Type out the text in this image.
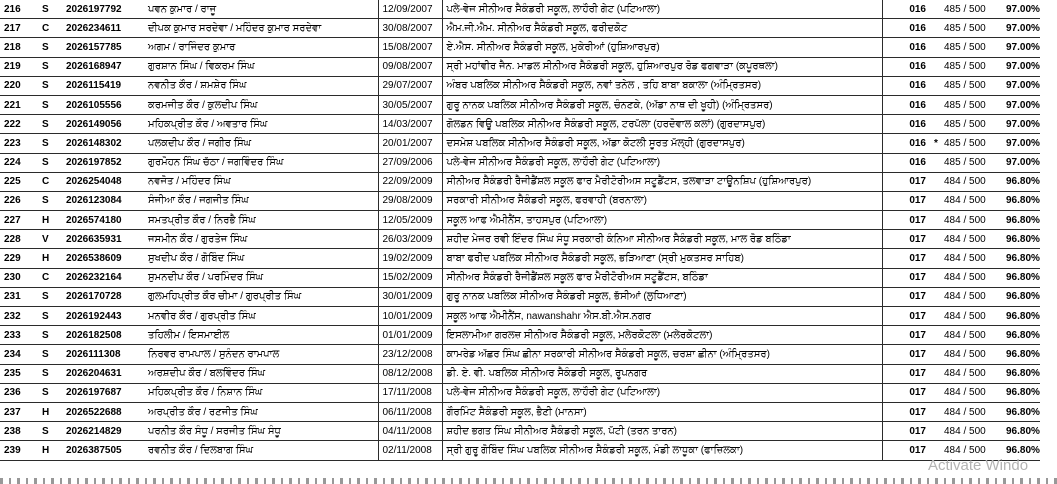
216	S	2026197792	ਪਵਨ ਕੁਮਾਰ / ਰਾਜੂ	12/09/2007	ਪਲੇ-ਵੇਜ ਸੀਨੀਅਰ ਸੈਕੰਡਰੀ ਸਕੂਲ, ਲਾਹੌਰੀ ਗੇਟ (ਪਟਿਆਲਾ)	016		485 / 500	97.00%
217	C	2026234611	ਦੀਪਕ ਕੁਮਾਰ ਸਰਦੇਵਾ / ਮਹਿੰਦਰ ਕੁਮਾਰ ਸਰਦੇਵਾ	30/08/2007	ਐਮ.ਜੀ.ਐਮ. ਸੀਨੀਅਰ ਸੈਕੰਡਰੀ ਸਕੂਲ, ਫਰੀਦਕੋਟ	016		485 / 500	97.00%
218	S	2026157785	ਅਗਮ / ਰਾਜਿੰਦਰ ਕੁਮਾਰ	15/08/2007	ਏ.ਐਸ. ਸੀਨੀਅਰ ਸੈਕੰਡਰੀ ਸਕੂਲ, ਮੁਕੇਰੀਆਂ (ਹੁਸ਼ਿਆਰਪੁਰ)	016		485 / 500	97.00%
219	S	2026168947	ਗੁਰਸ਼ਾਨ ਸਿੰਘ / ਵਿਕਰਮ ਸਿੰਘ	09/08/2007	ਸ੍ਰੀ ਮਹਾਂਵੀਰ ਜੈਨ. ਮਾਡਲ ਸੀਨੀਅਰ ਸੈਕੰਡਰੀ ਸਕੂਲ, ਹੁਸ਼ਿਆਰਪੁਰ ਰੋਡ ਫਗਵਾੜਾ (ਕਪੂਰਥਲਾ)	016		485 / 500	97.00%
220	S	2026115419	ਨਵਨੀਤ ਕੌਰ / ਸ਼ਮਸ਼ੇਰ ਸਿੰਘ	29/07/2007	ਅੰਬਰ ਪਬਲਿਕ ਸੀਨੀਅਰ ਸੈਕੰਡਰੀ ਸਕੂਲ, ਨਵਾਂ ਤਨੇਲ , ਤਹਿ ਬਾਬਾ ਬਕਾਲਾ (ਅੰਮ੍ਰਿਤਸਰ)	016		485 / 500	97.00%
221	S	2026105556	ਕਰਮਜੀਤ ਕੌਰ / ਕੁਲਦੀਪ ਸਿੰਘ	30/05/2007	ਗੁਰੂ ਨਾਨਕ ਪਬਲਿਕ ਸੀਨੀਅਰ ਸੈਕੰਡਰੀ ਸਕੂਲ, ਚੰਨਣਕੇ, (ਅੱਡਾ ਨਾਥ ਦੀ ਖੂਹੀ) (ਅੰਮ੍ਰਿਤਸਰ)	016		485 / 500	97.00%
222	S	2026149056	ਮਹਿਕਪ੍ਰੀਤ ਕੌਰ / ਅਵਤਾਰ ਸਿੰਘ	14/03/2007	ਗੋਲਡਨ ਵਿਊ ਪਬਲਿਕ ਸੀਨੀਅਰ ਸੈਕੰਡਰੀ ਸਕੂਲ, ਟਰਪੱਲਾ (ਹਰਦੋਵਾਲ ਕਲਾਂ) (ਗੁਰਦਾਸਪੁਰ)	016		485 / 500	97.00%
223	S	2026148302	ਪਲਕਦੀਪ ਕੌਰ / ਜਗੀਰ ਸਿੰਘ	20/01/2007	ਦਸਮੇਸ਼ ਪਬਲਿਕ ਸੀਨੀਅਰ ਸੈਕੰਡਰੀ ਸਕੂਲ, ਅੱਡਾ ਕੋਟਲੀ ਸੂਰਤ ਮੱਲ੍ਹੀ (ਗੁਰਦਾਸਪੁਰ)	016	*	485 / 500	97.00%
224	S	2026197852	ਗੁਰਮੋਹਨ ਸਿੰਘ ਚੱਠਾ / ਜਗਵਿੰਦਰ ਸਿੰਘ	27/09/2006	ਪਲੇ-ਵੇਜ ਸੀਨੀਅਰ ਸੈਕੰਡਰੀ ਸਕੂਲ, ਲਾਹੌਰੀ ਗੇਟ (ਪਟਿਆਲਾ)	016		485 / 500	97.00%
225	C	2026254048	ਨਵਜੋਤ / ਮਹਿੰਦਰ ਸਿੰਘ	22/09/2009	ਸੀਨੀਅਰ ਸੈਕੰਡਰੀ ਰੈਜੀਡੈਂਸ਼ਲ ਸਕੂਲ ਫਾਰ ਮੈਰੀਟੋਰੀਅਸ ਸਟੂਡੈਂਟਸ, ਤਲਵਾੜਾ ਟਾਊਨਸ਼ਿਪ (ਹੁਸ਼ਿਆਰਪੁਰ)	017		484 / 500	96.80%
226	S	2026123084	ਸੰਜੀਆ ਕੌਰ / ਜਗਜੀਤ ਸਿੰਘ	29/08/2009	ਸਰਕਾਰੀ ਸੀਨੀਅਰ ਸੈਕੰਡਰੀ ਸਕੂਲ, ਫਰਵਾਹੀ (ਬਰਨਾਲਾ)	017		484 / 500	96.80%
227	H	2026574180	ਸਮਤਪ੍ਰੀਤ ਕੌਰ / ਨਿਰਭੈ ਸਿੰਘ	12/05/2009	ਸਕੂਲ ਆਫ ਐਮੀਨੈਂਸ, ਤਾਹਸਪੁਰ (ਪਟਿਆਲਾ)	017		484 / 500	96.80%
228	V	2026635931	ਜਸਮੀਨ ਕੌਰ / ਗੁਰਤੇਜ ਸਿੰਘ	26/03/2009	ਸ਼ਹੀਦ ਮੇਜਰ ਰਵੀ ਇੰਦਰ ਸਿੰਘ ਸੰਧੂ ਸਰਕਾਰੀ ਕੰਨਿਆ ਸੀਨੀਅਰ ਸੈਕੰਡਰੀ ਸਕੂਲ, ਮਾਲ ਰੋਡ ਬਠਿੰਡਾ	017		484 / 500	96.80%
229	H	2026538609	ਸੁਖਦੀਪ ਕੌਰ / ਗੋਬਿੰਦ ਸਿੰਘ	19/02/2009	ਬਾਬਾ ਫਰੀਦ ਪਬਲਿਕ ਸੀਨੀਅਰ ਸੈਕੰਡਰੀ ਸਕੂਲ, ਭੜਿਆਣਾ (ਸ੍ਰੀ ਮੁਕਤਸਰ ਸਾਹਿਬ)	017		484 / 500	96.80%
230	C	2026232164	ਸੁਮਨਦੀਪ ਕੌਰ / ਪਰਮਿੰਦਰ ਸਿੰਘ	15/02/2009	ਸੀਨੀਅਰ ਸੈਕੰਡਰੀ ਰੈਜੀਡੈਂਸ਼ਲ ਸਕੂਲ ਫਾਰ ਮੈਰੀਟੋਰੀਅਸ ਸਟੂਡੈਂਟਸ, ਬਠਿੰਡਾ	017		484 / 500	96.80%
231	S	2026170728	ਗੁਲਮਹਿਪ੍ਰੀਤ ਕੌਰ ਚੀਮਾ / ਗੁਰਪ੍ਰੀਤ ਸਿੰਘ	30/01/2009	ਗੁਰੂ ਨਾਨਕ ਪਬਲਿਕ ਸੀਨੀਅਰ ਸੈਕੰਡਰੀ ਸਕੂਲ, ਭੱਸੀਆਂ (ਲੁਧਿਆਣਾ)	017		484 / 500	96.80%
232	S	2026192443	ਮਨਵੀਰ ਕੌਰ / ਗੁਰਪ੍ਰੀਤ ਸਿੰਘ	10/01/2009	ਸਕੂਲ ਆਫ ਐਮੀਨੈਂਸ, nawanshahr ਐਸ.ਬੀ.ਐਸ.ਨਗਰ	017		484 / 500	96.80%
233	S	2026182508	ਤਹਿਲੀਮ / ਇਸਮਾਈਲ	01/01/2009	ਇਸਲਾਮੀਆ ਗਰਲਜ਼ ਸੀਨੀਅਰ ਸੈਕੰਡਰੀ ਸਕੂਲ, ਮਲੇਰਕੋਟਲਾ (ਮਲੇਰਕੋਟਲਾ)	017		484 / 500	96.80%
234	S	2026111308	ਨਿਰਵਰ ਰਾਮਪਾਲ / ਸੁਨੰਦਨ ਰਾਮਪਾਲ	23/12/2008	ਕਾਮਰੇਡ ਅੱਛਰ ਸਿੰਘ ਛੀਨਾ ਸਰਕਾਰੀ ਸੀਨੀਅਰ ਸੈਕੰਡਰੀ ਸਕੂਲ, ਚਰਸ਼ਾ ਛੀਨਾ (ਅੰਮ੍ਰਿਤਸਰ)	017		484 / 500	96.80%
235	S	2026204631	ਅਰਸ਼ਦੀਪ ਕੌਰ / ਬਲਵਿੰਦਰ ਸਿੰਘ	08/12/2008	ਡੀ. ਏ. ਵੀ. ਪਬਲਿਕ ਸੀਨੀਅਰ ਸੈਕੰਡਰੀ ਸਕੂਲ, ਰੂਪਨਗਰ	017		484 / 500	96.80%
236	S	2026197687	ਮਹਿਕਪ੍ਰੀਤ ਕੌਰ / ਨਿਸ਼ਾਨ ਸਿੰਘ	17/11/2008	ਪਲੇ-ਵੇਜ ਸੀਨੀਅਰ ਸੈਕੰਡਰੀ ਸਕੂਲ, ਲਾਹੌਰੀ ਗੇਟ (ਪਟਿਆਲਾ)	017		484 / 500	96.80%
237	H	2026522688	ਅਰਪ੍ਰੀਤ ਕੌਰ / ਰਣਜੀਤ ਸਿੰਘ	06/11/2008	ਗੌਰਮਿੰਟ ਸੈਕੰਡਰੀ ਸਕੂਲ, ਭੈਣੀ (ਮਾਨਸਾ)	017		484 / 500	96.80%
238	S	2026214829	ਪਰਨੀਤ ਕੌਰ ਸੰਧੂ / ਸਰਜੀਤ ਸਿੰਘ ਸੰਧੂ	04/11/2008	ਸ਼ਹੀਦ ਭਗਤ ਸਿੰਘ ਸੀਨੀਅਰ ਸੈਕੰਡਰੀ ਸਕੂਲ, ਪੱਟੀ (ਤਰਨ ਤਾਰਨ)	017		484 / 500	96.80%
239	H	2026387505	ਰਵਨੀਤ ਕੌਰ / ਦਿਲਬਾਗ ਸਿੰਘ	02/11/2008	ਸ੍ਰੀ ਗੁਰੂ ਗੋਬਿੰਦ ਸਿੰਘ ਪਬਲਿਕ ਸੀਨੀਅਰ ਸੈਕੰਡਰੀ ਸਕੂਲ, ਮੰਡੀ ਲਾਧੂਕਾ (ਫਾਜ਼ਿਲਕਾ)	017		484 / 500	96.80%
Activate Windo
